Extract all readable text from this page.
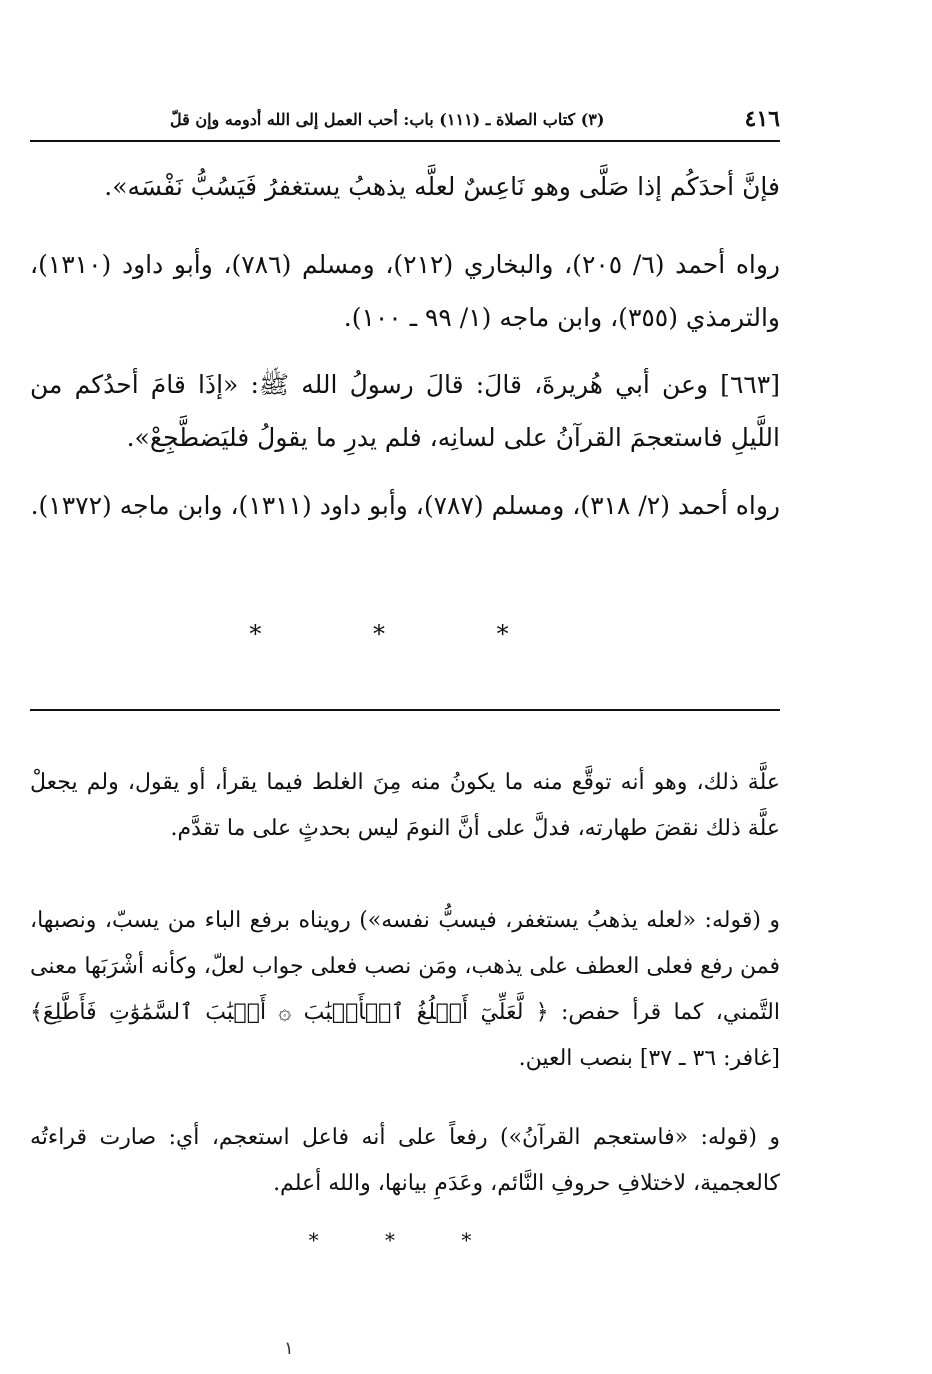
٤١٦
(٣) كتاب الصلاة ـ (١١١) باب: أحب العمل إلى الله أدومه وإن قلّ
فإنَّ أحدَكُم إذا صَلَّى وهو نَاعِسٌ لعلَّه يذهبُ يستغفرُ فَيَسُبُّ نَفْسَه».
رواه أحمد (٦/ ٢٠٥)، والبخاري (٢١٢)، ومسلم (٧٨٦)، وأبو داود (١٣١٠)، والترمذي (٣٥٥)، وابن ماجه (١/ ٩٩ ـ ١٠٠).
[٦٦٣] وعن أبي هُريرةَ، قالَ: قالَ رسولُ الله ﷺ: «إذَا قامَ أحدُكم من اللَّيلِ فاستعجمَ القرآنُ على لسانِه، فلم يدرِ ما يقولُ فليَضطَّجِعْ».
رواه أحمد (٢/ ٣١٨)، ومسلم (٧٨٧)، وأبو داود (١٣١١)، وابن ماجه (١٣٧٢).
* * *
علَّة ذلك، وهو أنه توقَّع منه ما يكونُ منه مِنَ الغلط فيما يقرأ، أو يقول، ولم يجعلْ علَّة ذلك نقضَ طهارته، فدلَّ على أنَّ النومَ ليس بحدثٍ على ما تقدَّم.
و (قوله: «لعله يذهبُ يستغفر، فيسبُّ نفسه») رويناه برفع الباء من يسبّ، ونصبها، فمن رفع فعلى العطف على يذهب، ومَن نصب فعلى جواب لعلّ، وكأنه أشْرَبَها معنى التَّمني، كما قرأ حفص: ﴿ لَّعَلِّيٓ أَبۡلُغُ ٱلۡأَسۡبَٰبَ ۞ أَسۡبَٰبَ ٱلسَّمَٰوَٰتِ فَأَطَّلِعَ﴾ [غافر: ٣٦ ـ ٣٧] بنصب العين.
و (قوله: «فاستعجم القرآنُ») رفعاً على أنه فاعل استعجم، أي: صارت قراءتُه كالعجمية، لاختلافِ حروفِ النَّائم، وعَدَمِ بيانها، والله أعلم.
* * *
١
